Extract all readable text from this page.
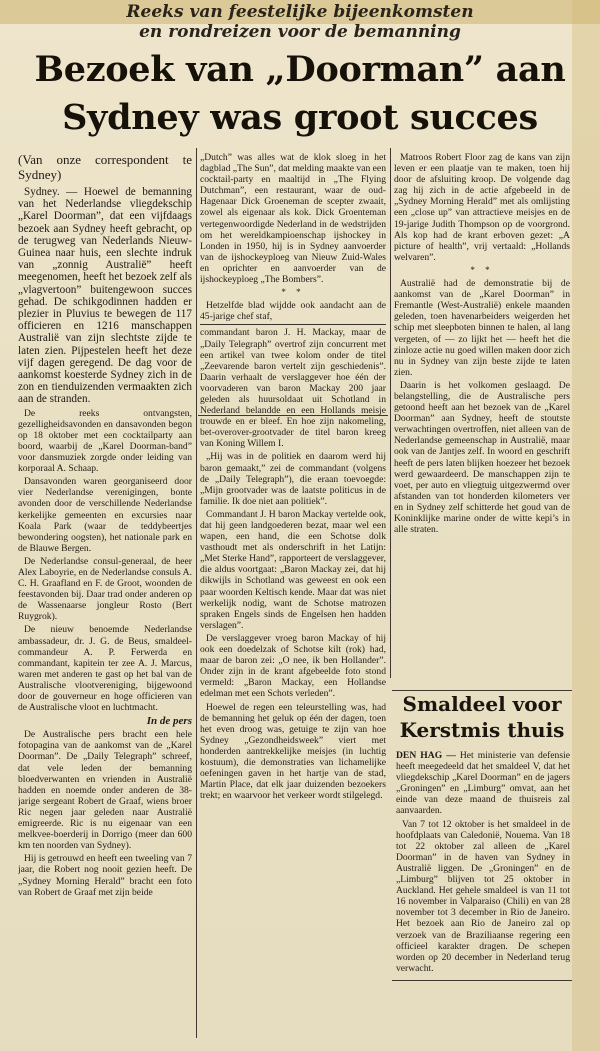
Reeks van feestelijke bijeenkomsten
en rondreizen voor de bemanning
Bezoek van „Doorman” aan
Sydney was groot succes

(Van onze correspondent te Sydney)

Sydney. — Hoewel de bemanning van het Nederlandse vliegdekschip „Karel Doorman”, dat een vijfdaags bezoek aan Sydney heeft gebracht, op de terugweg van Nederlands Nieuw-Guinea naar huis, een slechte indruk van „zonnig Australië” heeft meegenomen, heeft het bezoek zelf als „vlagvertoon” buitengewoon succes gehad. De schikgodinnen hadden er plezier in Pluvius te bewegen de 117 officieren en 1216 manschappen Australië van zijn slechtste zijde te laten zien. Pijpestelen heeft het deze vijf dagen geregend. De dag voor de aankomst koesterde Sydney zich in de zon en tienduizenden vermaakten zich aan de stranden.

De reeks ontvangsten, gezelligheidsavonden en dansavonden begon op 18 oktober met een cocktailparty aan boord, waarbij de „Karel Doorman-band” voor dansmuziek zorgde onder leiding van korporaal A. Schaap.

Dansavonden waren georganiseerd door vier Nederlandse verenigingen, bonte avonden door de verschillende Nederlandse kerkelijke gemeenten en excursies naar Koala Park (waar de teddybeertjes bewondering oogsten), het nationale park en de Blauwe Bergen.

De Nederlandse consul-generaal, de heer Alex Laboyrie, en de Nederlandse consuls A. C. H. Graafland en F. de Groot, woonden de feestavonden bij. Daar trad onder anderen op de Wassenaarse jongleur Rosto (Bert Ruygrok).

De nieuw benoemde Nederlandse ambassadeur, dr. J. G. de Beus, smaldeel-commandeur A. P. Ferwerda en commandant, kapitein ter zee A. J. Marcus, waren met anderen te gast op het bal van de Australische vlootvereniging, bijgewoond door de gouverneur en hoge officieren van de Australische vloot en luchtmacht.

In de pers

De Australische pers bracht een hele fotopagina van de aankomst van de „Karel Doorman”. De „Daily Telegraph” schreef, dat vele leden der bemanning bloedverwanten en vrienden in Australië hadden en noemde onder anderen de 38-jarige sergeant Robert de Graaf, wiens broer Ric negen jaar geleden naar Australië emigreerde. Ric is nu eigenaar van een melkvee-boerderij in Dorrigo (meer dan 600 km ten noorden van Sydney).

Hij is getrouwd en heeft een tweeling van 7 jaar, die Robert nog nooit gezien heeft. De „Sydney Morning Herald” bracht een foto van Robert de Graaf met zijn beide

„Dutch” was alles wat de klok sloeg in het dagblad „The Sun”, dat melding maakte van een cocktail-party en maaltijd in „The Flying Dutchman”, een restaurant, waar de oud-Hagenaar Dick Groeneman de scepter zwaait, zowel als eigenaar als kok. Dick Groenteman vertegenwoordigde Nederland in de wedstrijden om het wereldkampioenschap ijshockey in Londen in 1950, hij is in Sydney aanvoerder van de ijshockeyploeg van Nieuw Zuid-Wales en oprichter en aanvoerder van de ijshockeyploeg „The Bombers”.

* *

Hetzelfde blad wijdde ook aandacht aan de 45-jarige chef staf,

commandant baron J. H. Mackay, maar de „Daily Telegraph” overtrof zijn concurrent met een artikel van twee kolom onder de titel „Zeevarende baron vertelt zijn geschiedenis”. Daarin verhaalt de verslaggever hoe één der voorvaderen van baron Mackay 200 jaar geleden als huursoldaat uit Schotland in Nederland belandde en een Hollands meisje trouwde en er bleef. En hoe zijn nakomeling, bet-overover-grootvader de titel baron kreeg van Koning Willem I.

„Hij was in de politiek en daarom werd hij baron gemaakt,” zei de commandant (volgens de „Daily Telegraph”), die eraan toevoegde: „Mijn grootvader was de laatste politicus in de familie. Ik doe niet aan politiek”.

Commandant J. H baron Mackay vertelde ook, dat hij geen landgoederen bezat, maar wel een wapen, een hand, die een Schotse dolk vasthoudt met als onderschrift in het Latijn: „Met Sterke Hand”, rapporteert de verslaggever, die aldus voortgaat: „Baron Mackay zei, dat hij dikwijls in Schotland was geweest en ook een paar woorden Keltisch kende. Maar dat was niet werkelijk nodig, want de Schotse matrozen spraken Engels sinds de Engelsen hen hadden verslagen”.

De verslaggever vroeg baron Mackay of hij ook een doedelzak of Schotse kilt (rok) had, maar de baron zei: „O nee, ik ben Hollander”. Onder zijn in de krant afgebeelde foto stond vermeld: „Baron Mackay, een Hollandse edelman met een Schots verleden”.

Hoewel de regen een teleurstelling was, had de bemanning het geluk op één der dagen, toen het even droog was, getuige te zijn van hoe Sydney „Gezondheidsweek” viert met honderden aantrekkelijke meisjes (in luchtig kostuum), die demonstraties van lichamelijke oefeningen gaven in het hartje van de stad, Martin Place, dat elk jaar duizenden bezoekers trekt; en waarvoor het verkeer wordt stilgelegd.

Matroos Robert Floor zag de kans van zijn leven er een plaatje van te maken, toen hij door de afsluiting kroop. De volgende dag zag hij zich in de actie afgebeeld in de „Sydney Morning Herald” met als omlijsting een „close up” van attractieve meisjes en de 19-jarige Judith Thompson op de voorgrond. Als kop had de krant erboven gezet: „A picture of health”, vrij vertaald: „Hollands welvaren”.

* *

Australië had de demonstratie bij de aankomst van de „Karel Doorman” in Fremantle (West-Australië) enkele maanden geleden, toen havenarbeiders weigerden het schip met sleepboten binnen te halen, al lang vergeten, of — zo lijkt het — heeft het die zinloze actie nu goed willen maken door zich nu in Sydney van zijn beste zijde te laten zien.

Daarin is het volkomen geslaagd. De belangstelling, die de Australische pers getoond heeft aan het bezoek van de „Karel Doorman” aan Sydney, heeft de stoutste verwachtingen overtroffen, niet alleen van de Nederlandse gemeenschap in Australië, maar ook van de Jantjes zelf. In woord en geschrift heeft de pers laten blijken hoezeer het bezoek werd gewaardeerd. De manschappen zijn te voet, per auto en vliegtuig uitgezwermd over afstanden van tot honderden kilometers ver en in Sydney zelf schitterde het goud van de Koninklijke marine onder de witte kepi’s in alle straten.

Smaldeel voor
Kerstmis thuis

DEN HAG — Het ministerie van defensie heeft meegedeeld dat het smaldeel V, dat het vliegdekschip „Karel Doorman” en de jagers „Groningen” en „Limburg” omvat, aan het einde van deze maand de thuisreis zal aanvaarden.

Van 7 tot 12 oktober is het smaldeel in de hoofdplaats van Caledonië, Nouema. Van 18 tot 22 oktober zal alleen de „Karel Doorman” in de haven van Sydney in Australië liggen. De „Groningen” en de „Limburg” blijven tot 25 oktober in Auckland. Het gehele smaldeel is van 11 tot 16 november in Valparaiso (Chili) en van 28 november tot 3 december in Rio de Janeiro. Het bezoek aan Rio de Janeiro zal op verzoek van de Braziliaanse regering een officieel karakter dragen. De schepen worden op 20 december in Nederland terug verwacht.
